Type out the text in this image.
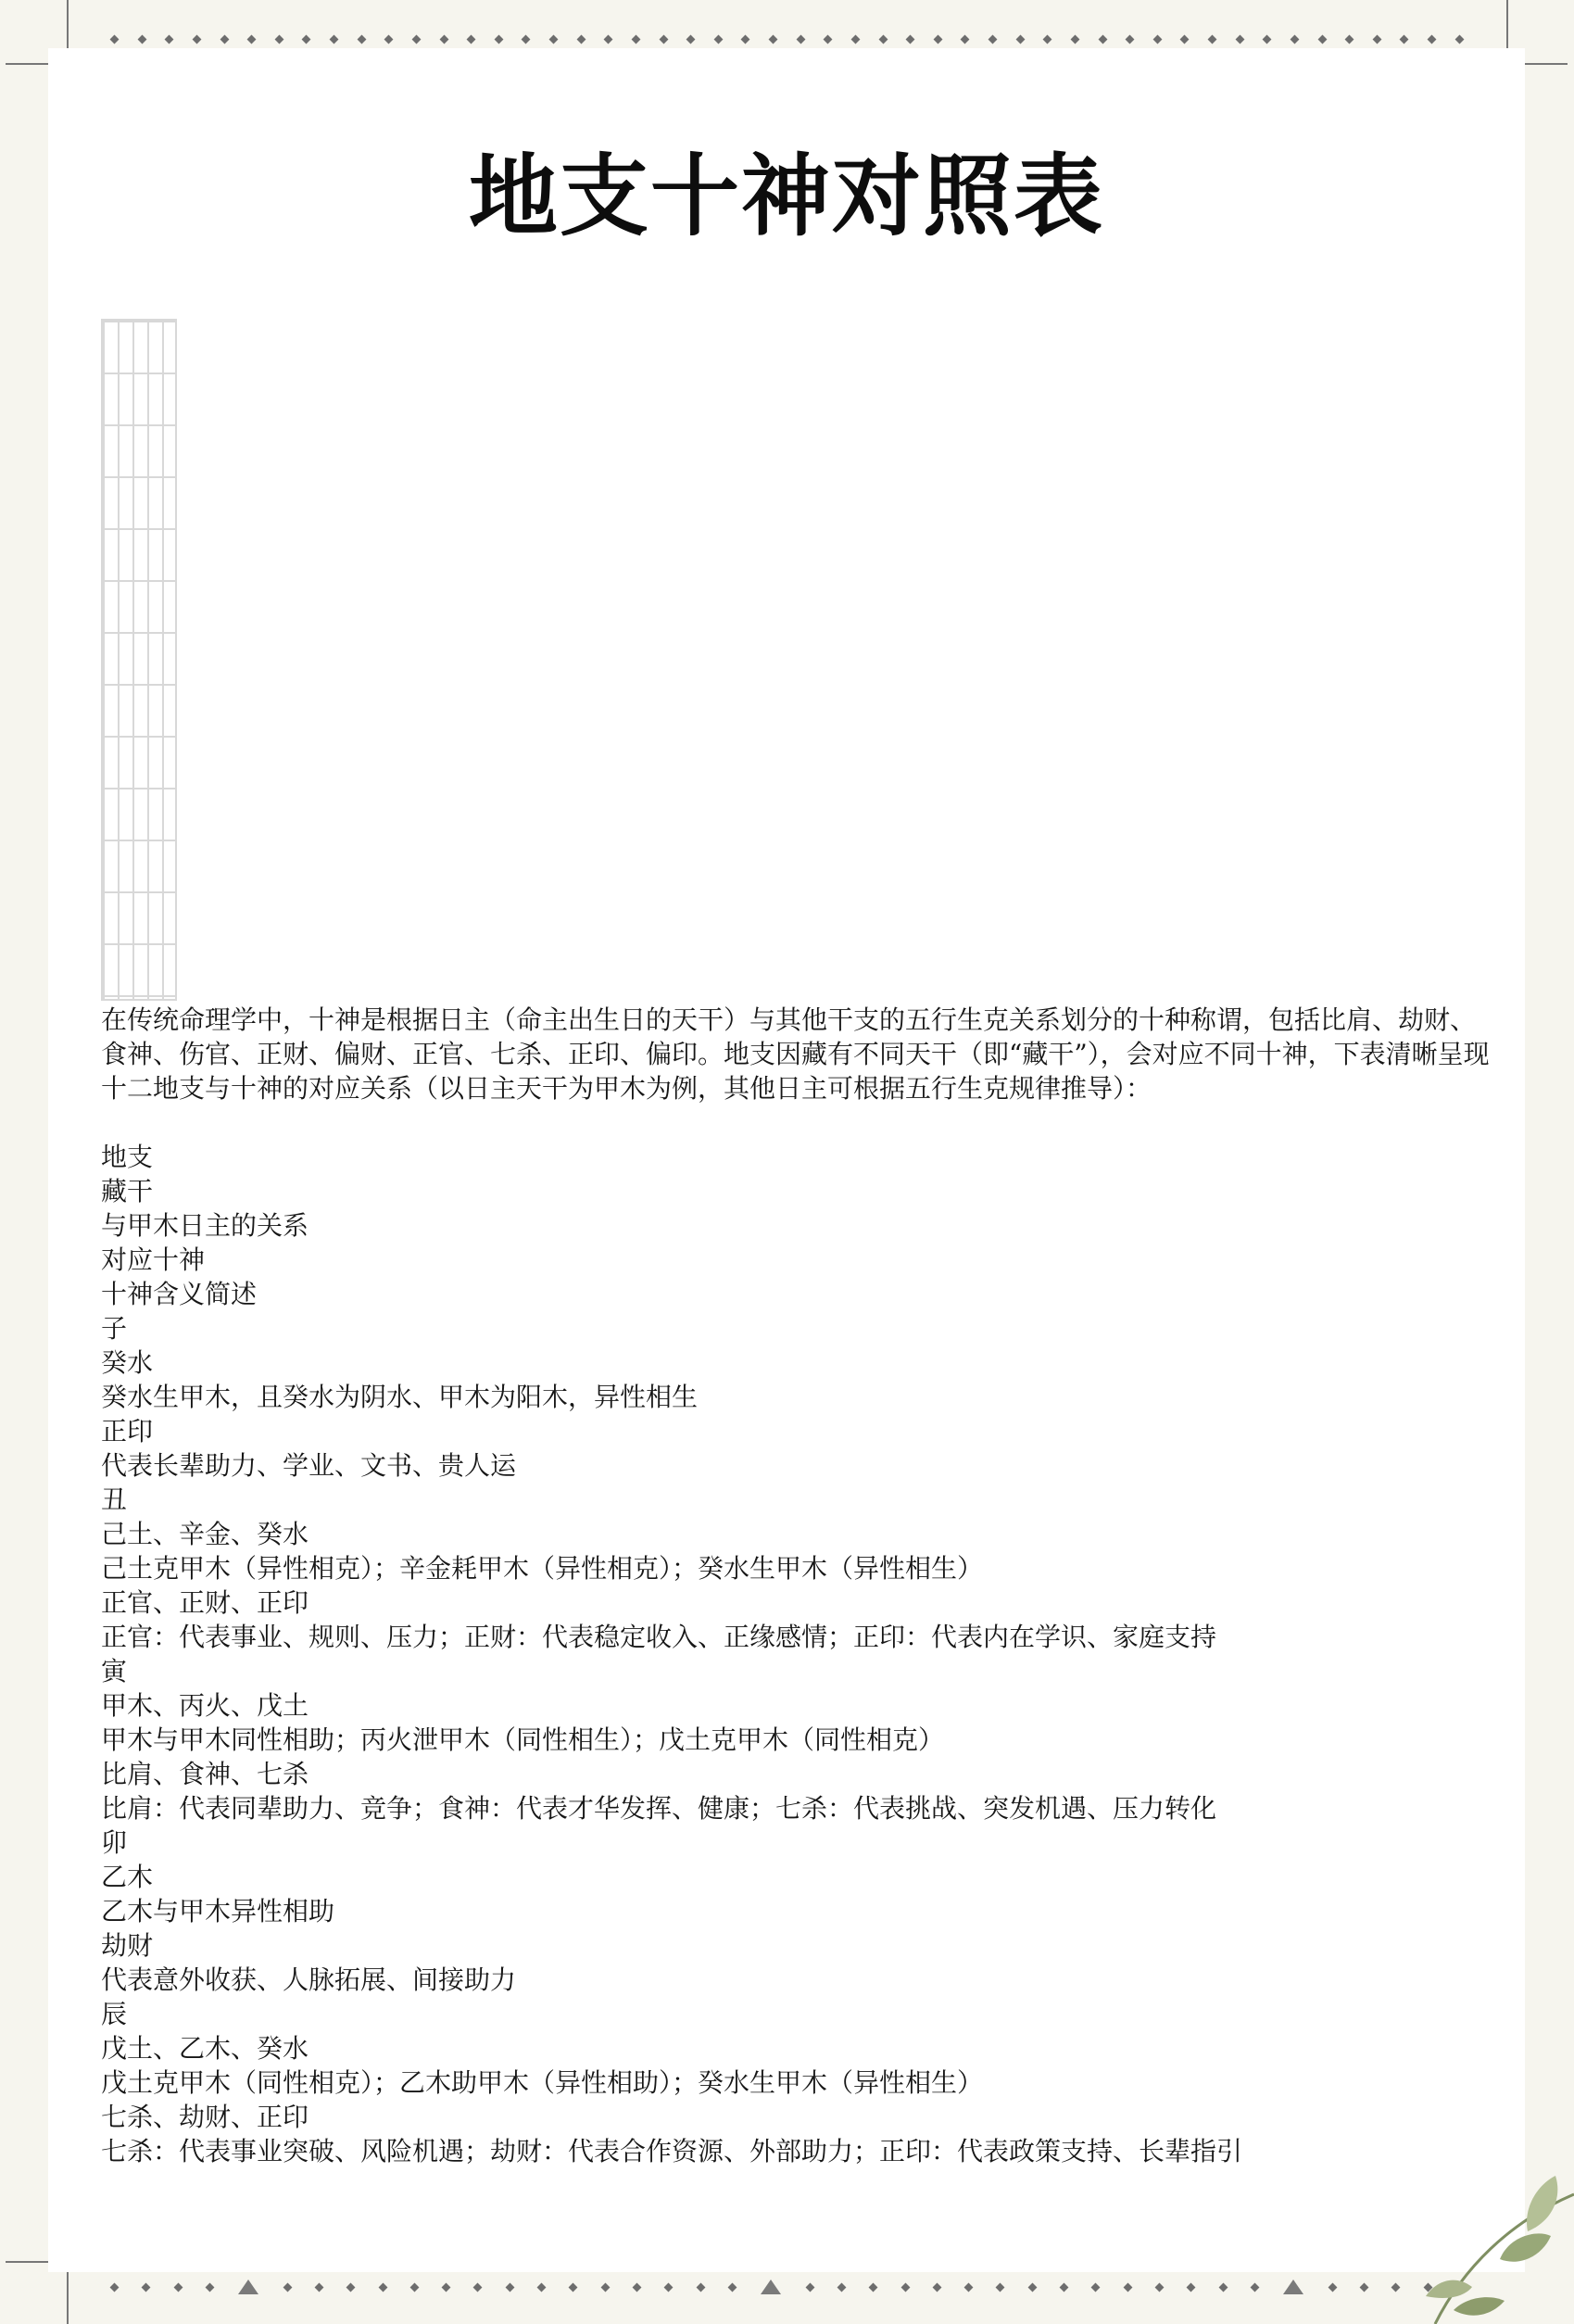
地支十神对照表

在传统命理学中，十神是根据日主（命主出生日的天干）与其他干支的五行生克关系划分的十种称谓，包括比肩、劫财、食神、伤官、正财、偏财、正官、七杀、正印、偏印。地支因藏有不同天干（即“藏干”），会对应不同十神，下表清晰呈现十二地支与十神的对应关系（以日主天干为甲木为例，其他日主可根据五行生克规律推导）：

地支
藏干
与甲木日主的关系
对应十神
十神含义简述
子
癸水
癸水生甲木，且癸水为阴水、甲木为阳木，异性相生
正印
代表长辈助力、学业、文书、贵人运
丑
己土、辛金、癸水
己土克甲木（异性相克）；辛金耗甲木（异性相克）；癸水生甲木（异性相生）
正官、正财、正印
正官：代表事业、规则、压力；正财：代表稳定收入、正缘感情；正印：代表内在学识、家庭支持
寅
甲木、丙火、戊土
甲木与甲木同性相助；丙火泄甲木（同性相生）；戊土克甲木（同性相克）
比肩、食神、七杀
比肩：代表同辈助力、竞争；食神：代表才华发挥、健康；七杀：代表挑战、突发机遇、压力转化
卯
乙木
乙木与甲木异性相助
劫财
代表意外收获、人脉拓展、间接助力
辰
戊土、乙木、癸水
戊土克甲木（同性相克）；乙木助甲木（异性相助）；癸水生甲木（异性相生）
七杀、劫财、正印
七杀：代表事业突破、风险机遇；劫财：代表合作资源、外部助力；正印：代表政策支持、长辈指引
